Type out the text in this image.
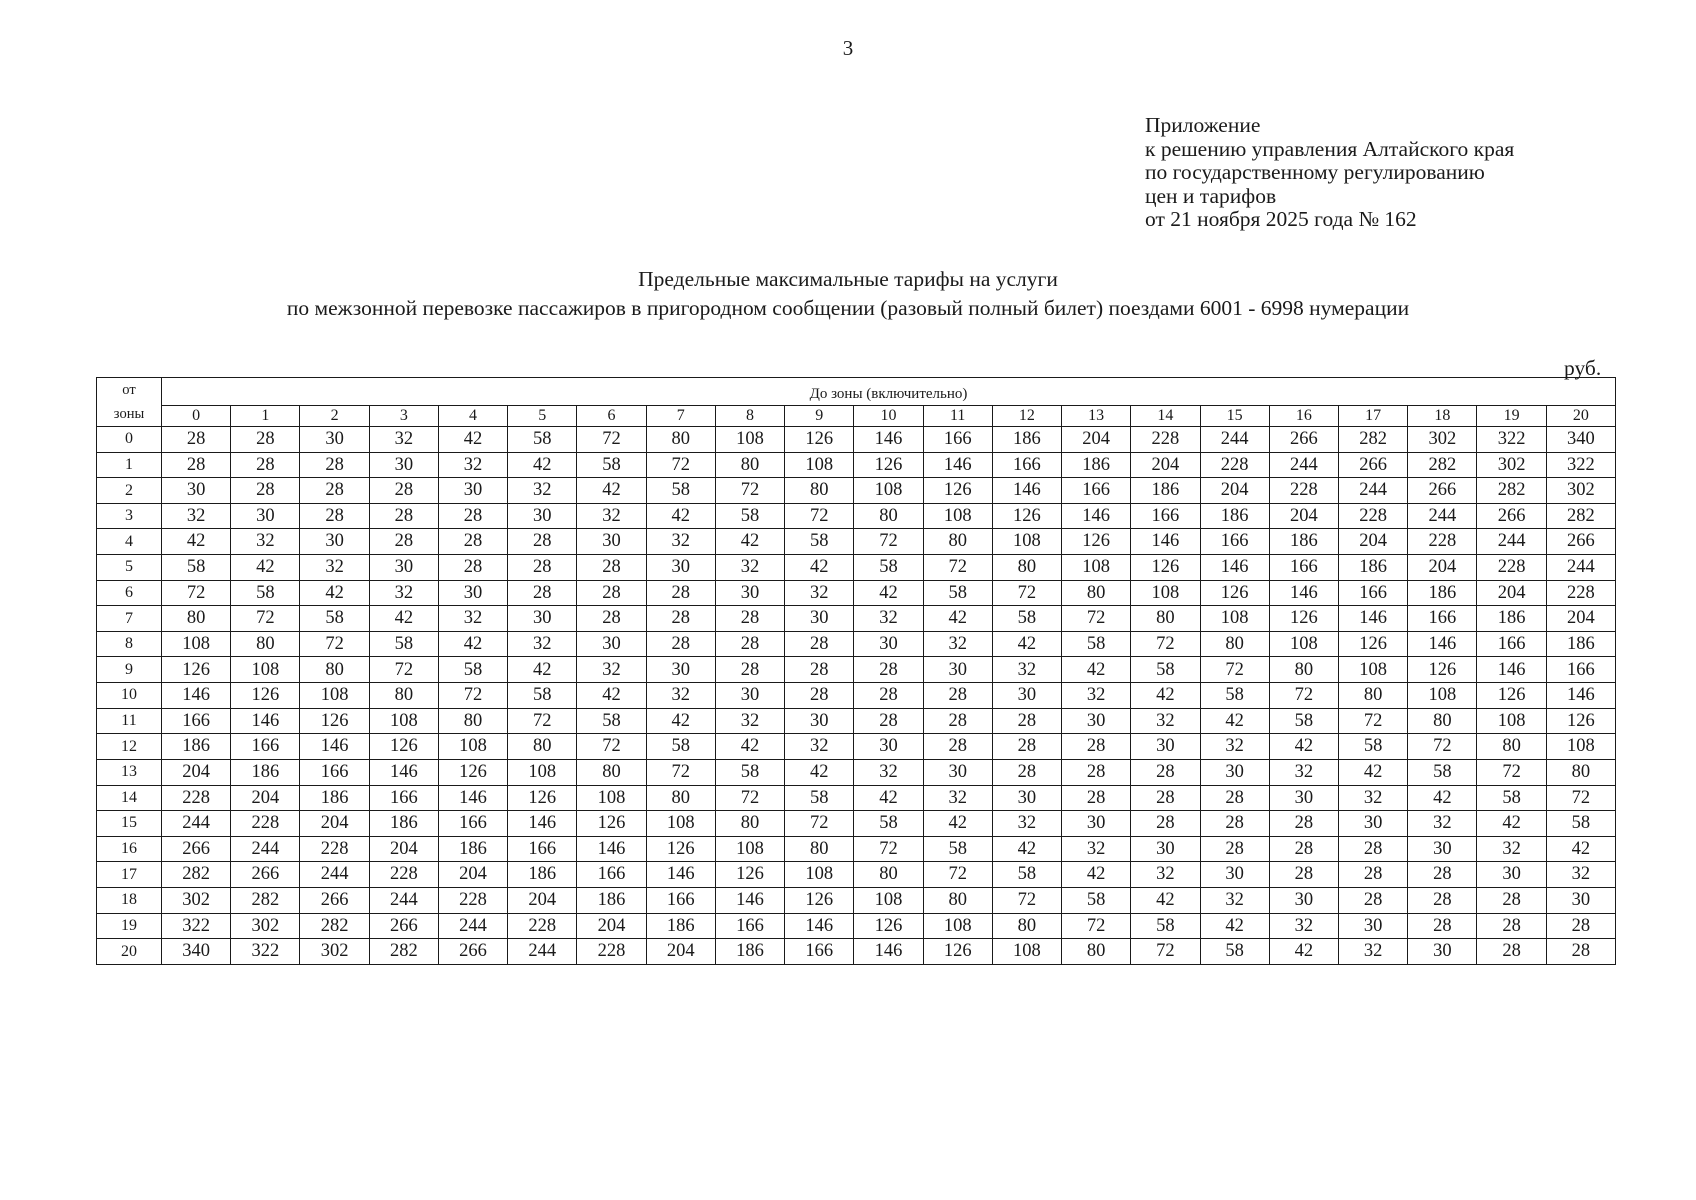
3
Приложение
к решению управления Алтайского края
по государственному регулированию
цен и тарифов
от 21 ноября 2025 года № 162
Предельные максимальные тарифы на услуги
по межзонной перевозке пассажиров в пригородном сообщении (разовый полный билет) поездами 6001 - 6998 нумерации
руб.
от
зоны	До зоны (включительно)																				
	0	1	2	3	4	5	6	7	8	9	10	11	12	13	14	15	16	17	18	19	20
0	28	28	30	32	42	58	72	80	108	126	146	166	186	204	228	244	266	282	302	322	340
1	28	28	28	30	32	42	58	72	80	108	126	146	166	186	204	228	244	266	282	302	322
2	30	28	28	28	30	32	42	58	72	80	108	126	146	166	186	204	228	244	266	282	302
3	32	30	28	28	28	30	32	42	58	72	80	108	126	146	166	186	204	228	244	266	282
4	42	32	30	28	28	28	30	32	42	58	72	80	108	126	146	166	186	204	228	244	266
5	58	42	32	30	28	28	28	30	32	42	58	72	80	108	126	146	166	186	204	228	244
6	72	58	42	32	30	28	28	28	30	32	42	58	72	80	108	126	146	166	186	204	228
7	80	72	58	42	32	30	28	28	28	30	32	42	58	72	80	108	126	146	166	186	204
8	108	80	72	58	42	32	30	28	28	28	30	32	42	58	72	80	108	126	146	166	186
9	126	108	80	72	58	42	32	30	28	28	28	30	32	42	58	72	80	108	126	146	166
10	146	126	108	80	72	58	42	32	30	28	28	28	30	32	42	58	72	80	108	126	146
11	166	146	126	108	80	72	58	42	32	30	28	28	28	30	32	42	58	72	80	108	126
12	186	166	146	126	108	80	72	58	42	32	30	28	28	28	30	32	42	58	72	80	108
13	204	186	166	146	126	108	80	72	58	42	32	30	28	28	28	30	32	42	58	72	80
14	228	204	186	166	146	126	108	80	72	58	42	32	30	28	28	28	30	32	42	58	72
15	244	228	204	186	166	146	126	108	80	72	58	42	32	30	28	28	28	30	32	42	58
16	266	244	228	204	186	166	146	126	108	80	72	58	42	32	30	28	28	28	30	32	42
17	282	266	244	228	204	186	166	146	126	108	80	72	58	42	32	30	28	28	28	30	32
18	302	282	266	244	228	204	186	166	146	126	108	80	72	58	42	32	30	28	28	28	30
19	322	302	282	266	244	228	204	186	166	146	126	108	80	72	58	42	32	30	28	28	28
20	340	322	302	282	266	244	228	204	186	166	146	126	108	80	72	58	42	32	30	28	28
